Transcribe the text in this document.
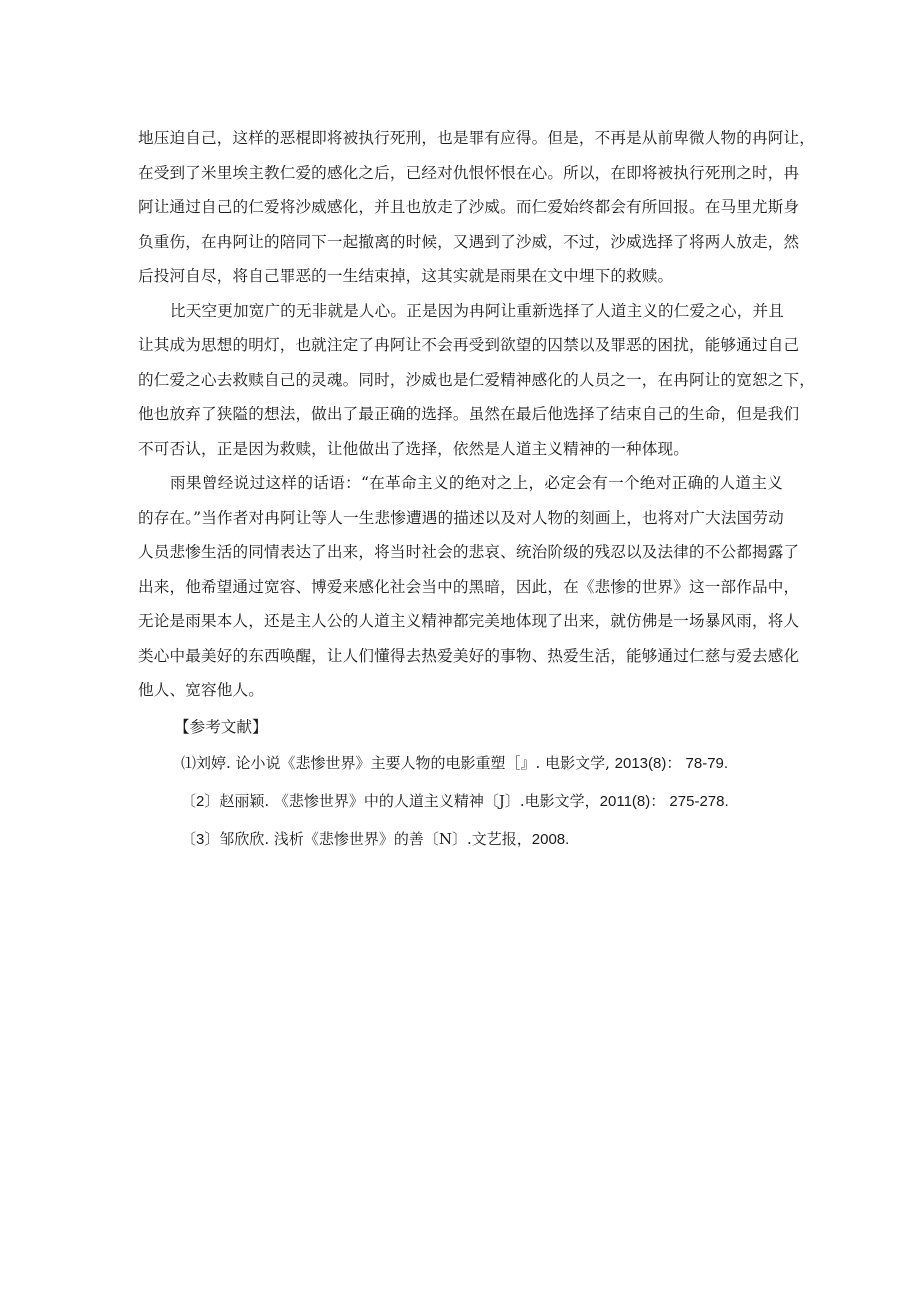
地压迫自己，这样的恶棍即将被执行死刑，也是罪有应得。但是，不再是从前卑微人物的冉阿让，
在受到了米里埃主教仁爱的感化之后，已经对仇恨怀恨在心。所以，在即将被执行死刑之时，冉
阿让通过自己的仁爱将沙威感化，并且也放走了沙威。而仁爱始终都会有所回报。在马里尤斯身
负重伤，在冉阿让的陪同下一起撤离的时候，又遇到了沙威，不过，沙威选择了将两人放走，然
后投河自尽，将自己罪恶的一生结束掉，这其实就是雨果在文中埋下的救赎。
比天空更加宽广的无非就是人心。正是因为冉阿让重新选择了人道主义的仁爱之心，并且
让其成为思想的明灯，也就注定了冉阿让不会再受到欲望的囚禁以及罪恶的困扰，能够通过自己
的仁爱之心去救赎自己的灵魂。同时，沙威也是仁爱精神感化的人员之一，在冉阿让的宽恕之下，
他也放弃了狭隘的想法，做出了最正确的选择。虽然在最后他选择了结束自己的生命，但是我们
不可否认，正是因为救赎，让他做出了选择，依然是人道主义精神的一种体现。
雨果曾经说过这样的话语：“在革命主义的绝对之上，必定会有一个绝对正确的人道主义
的存在。”当作者对冉阿让等人一生悲惨遭遇的描述以及对人物的刻画上，也将对广大法国劳动
人员悲惨生活的同情表达了出来，将当时社会的悲哀、统治阶级的残忍以及法律的不公都揭露了
出来，他希望通过宽容、博爱来感化社会当中的黑暗，因此，在《悲惨的世界》这一部作品中，
无论是雨果本人，还是主人公的人道主义精神都完美地体现了出来，就仿佛是一场暴风雨，将人
类心中最美好的东西唤醒，让人们懂得去热爱美好的事物、热爱生活，能够通过仁慈与爱去感化
他人、宽容他人。
【参考文献】
⑴刘婷. 论小说《悲惨世界》主要人物的电影重塑［』. 电影文学, 2013(8)： 78-79.
〔2〕赵丽颖. 《悲惨世界》中的人道主义精神〔J〕.电影文学，2011(8)： 275-278.
〔3〕邹欣欣. 浅析《悲惨世界》的善〔N〕.文艺报，2008.
